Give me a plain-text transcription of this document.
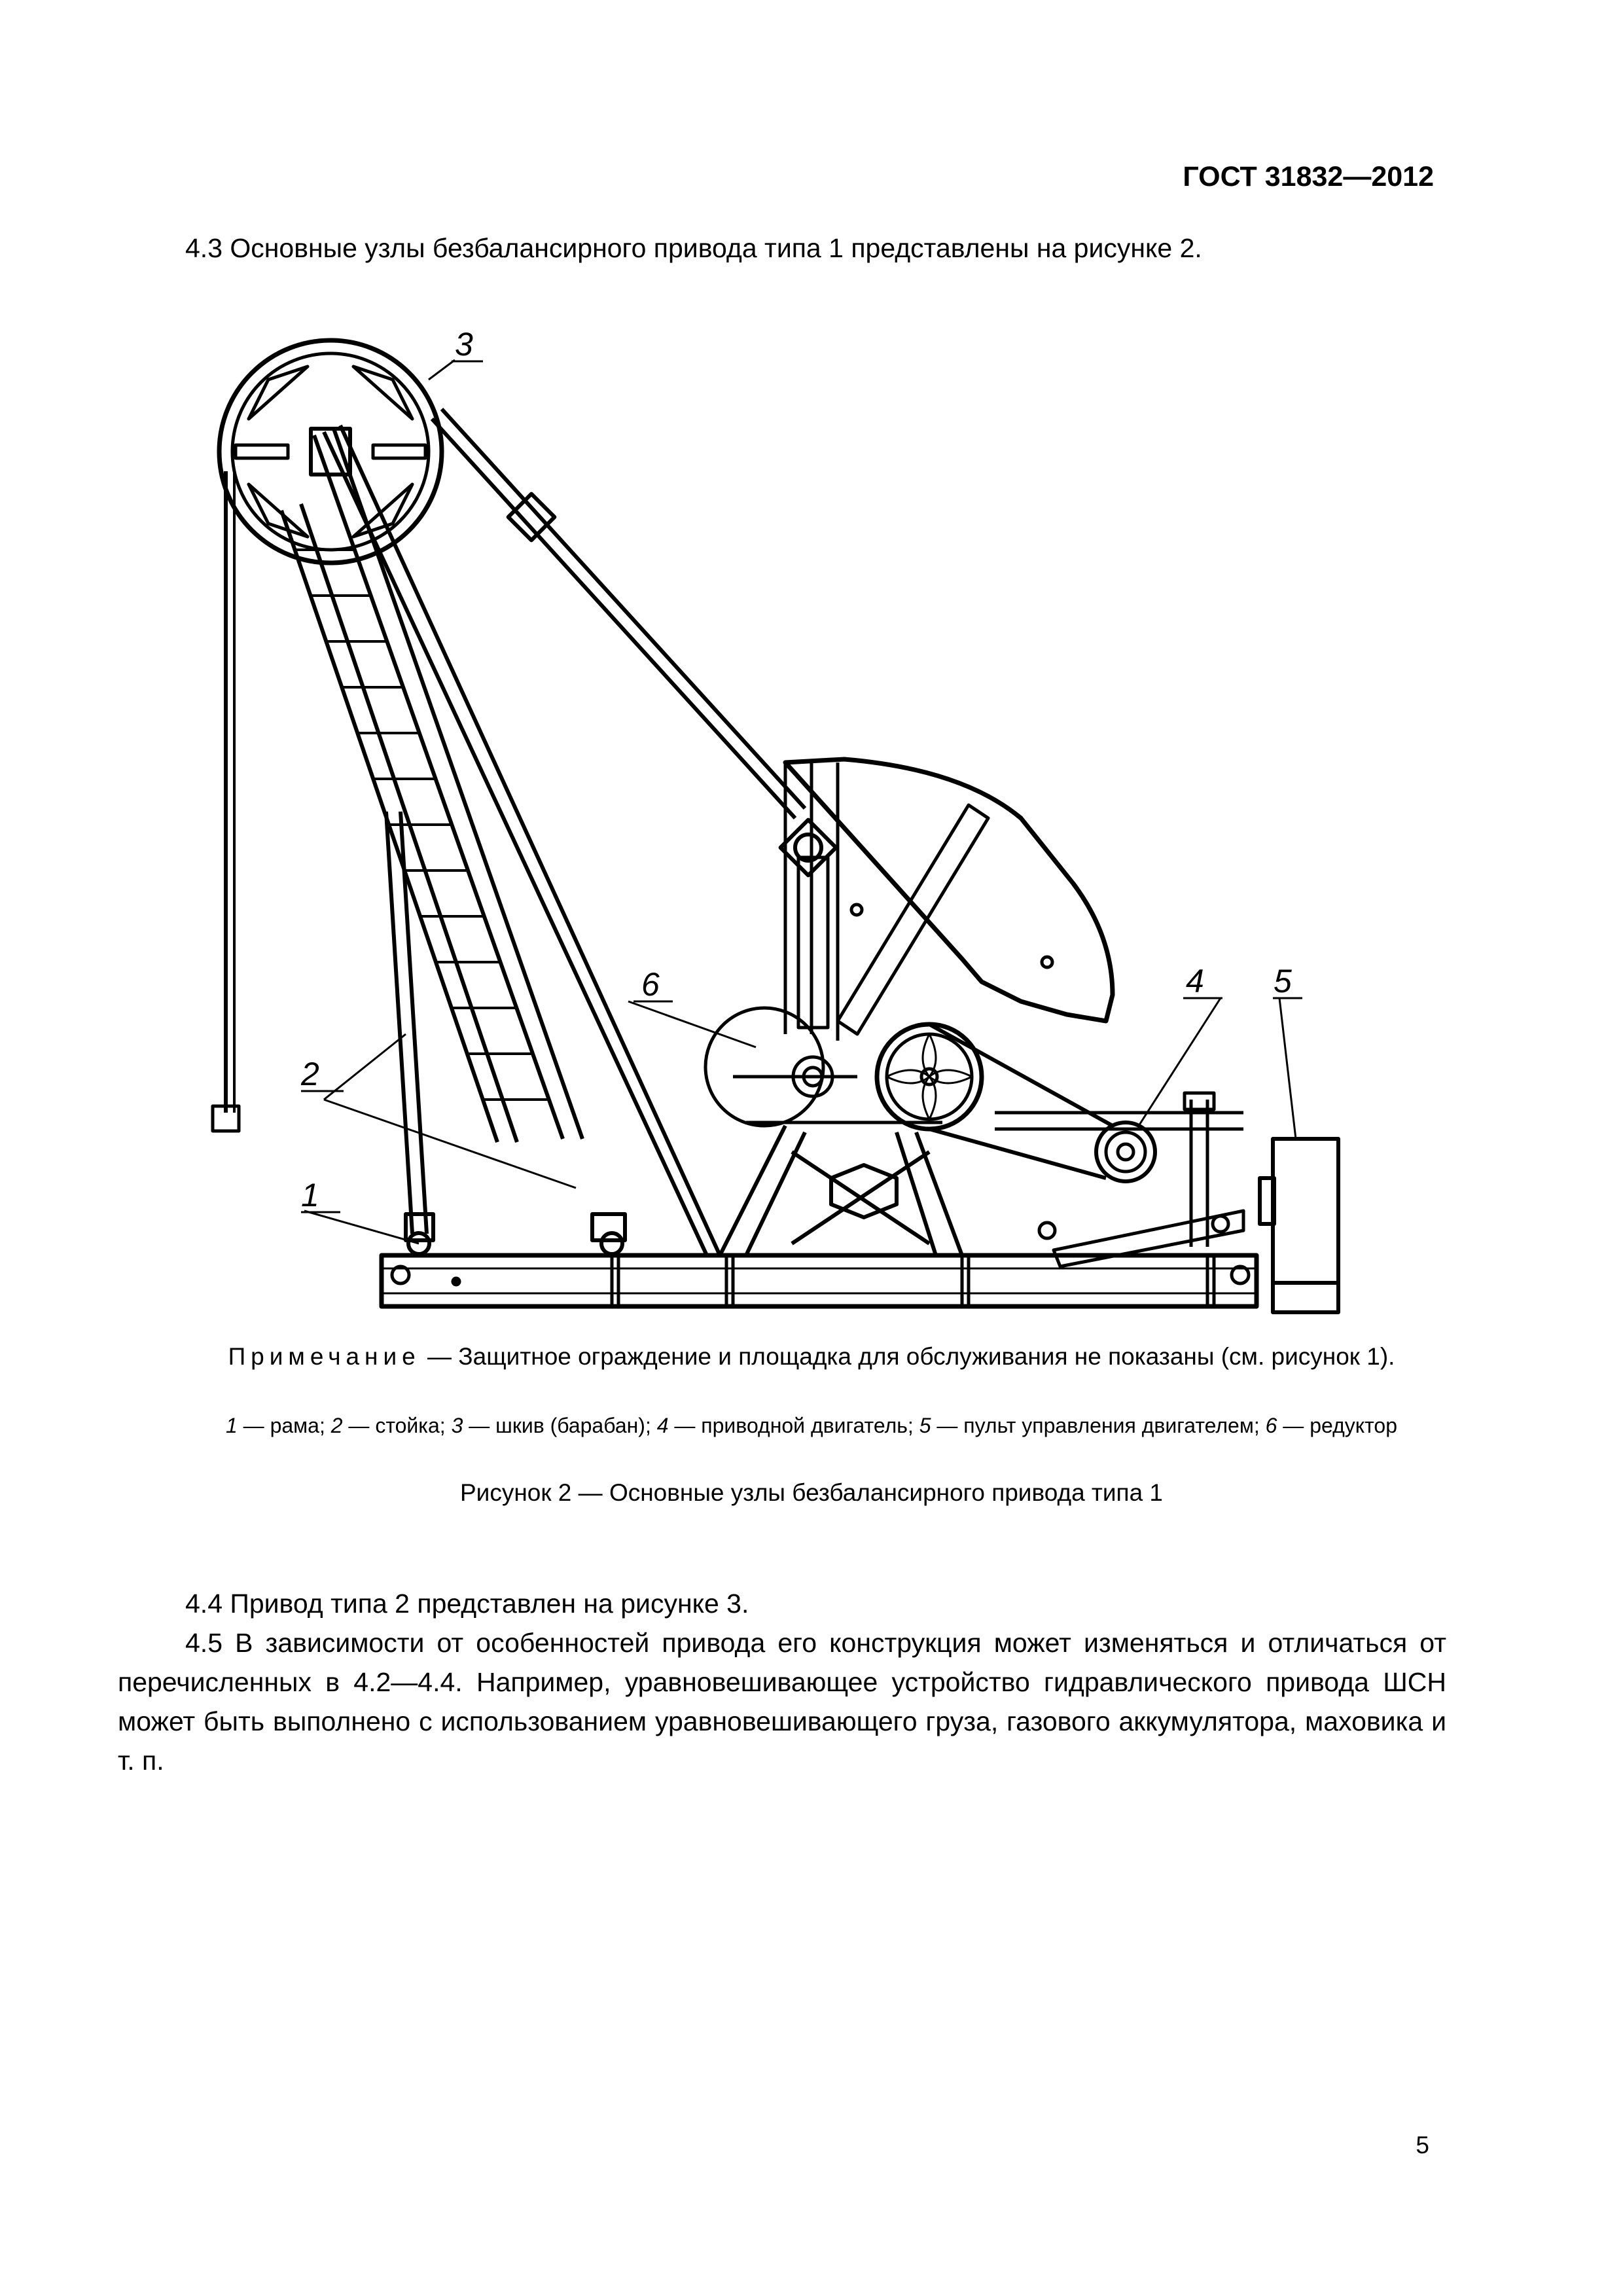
ГОСТ 31832—2012
4.3 Основные узлы безбалансирного привода типа 1 представлены на рисунке 2.
1
2
3
4 5
6
Примечание — Защитное ограждение и площадка для обслуживания не показаны (см. рисунок 1).
1 — рама; 2 — стойка; 3 — шкив (барабан); 4 — приводной двигатель; 5 — пульт управления двигателем; 6 — редуктор
Рисунок 2 — Основные узлы безбалансирного привода типа 1
4.4 Привод типа 2 представлен на рисунке 3.
4.5 В зависимости от особенностей привода его конструкция может изменяться и отличаться от
перечисленных в 4.2—4.4. Например, уравновешивающее устройство гидравлического привода ШСН может быть выполнено с использованием уравновешивающего груза, газового аккумулятора, маховика и т. п.
5
